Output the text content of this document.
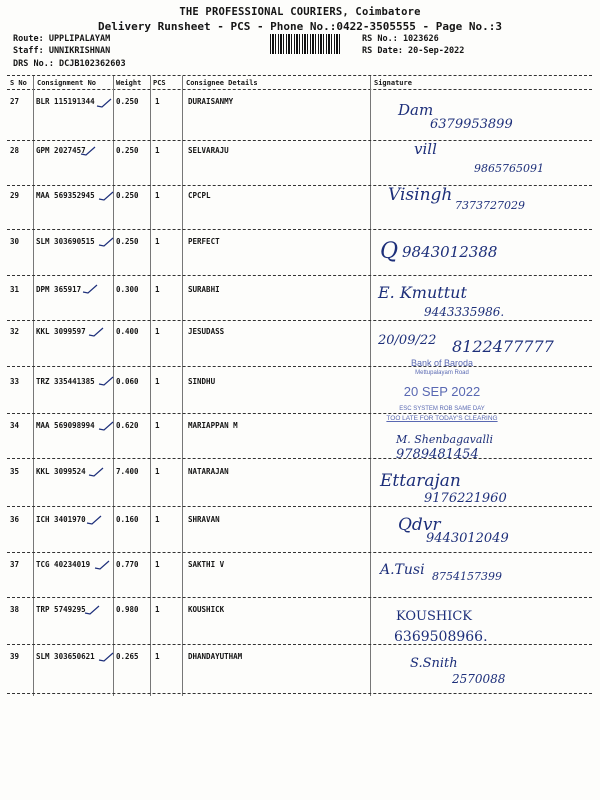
THE PROFESSIONAL COURIERS, Coimbatore
Delivery Runsheet - PCS - Phone No.:0422-3505555 - Page No.:3
Route: UPPLIPALAYAM
Staff: UNNIKRISHNAN
DRS No.: DCJB102362603
RS No.: 1023626
RS Date: 20-Sep-2022
S No Consignment No	Weight PCS	Consignee Details	Signature
27 BLR 115191344	0.250 1	DURAISANMY	Dam
6379953899
28 GPM 2027457	0.250 1	SELVARAJU	vill
9865765091
29 MAA 569352945	0.250 1	CPCPL	Visingh
7373727029
30 SLM 303690515	0.250 1	PERFECT	Q 9843012388
31 DPM 365917	0.300 1	SURABHI	E. Kmuttut
9443335986.
32 KKL 3099597	0.400 1	JESUDASS
20/09/22 8122477777
33 TRZ 335441385	0.060 1	SINDHU
34 MAA 569098994	0.620 1	MARIAPPAN M
M. Shenbagavalli
9789481454
35 KKL 3099524	7.400 1	NATARAJAN	Ettarajan
9176221960
36 ICH 3401970	0.160 1	SHRAVAN	Qdvr
9443012049
37 TCG 40234019	0.770 1	SAKTHI V	A.Tusi 8754157399
38 TRP 5749295	0.980 1	KOUSHICK	KOUSHICK
6369508966.
39 SLM 303650621	0.265 1	DHANDAYUTHAM	S.Snith
2570088
Bank of Baroda
Mettupalayam Road
20 SEP 2022
ESC SYSTEM ROB SAME DAY
TOO LATE FOR TODAY'S CLEARING
